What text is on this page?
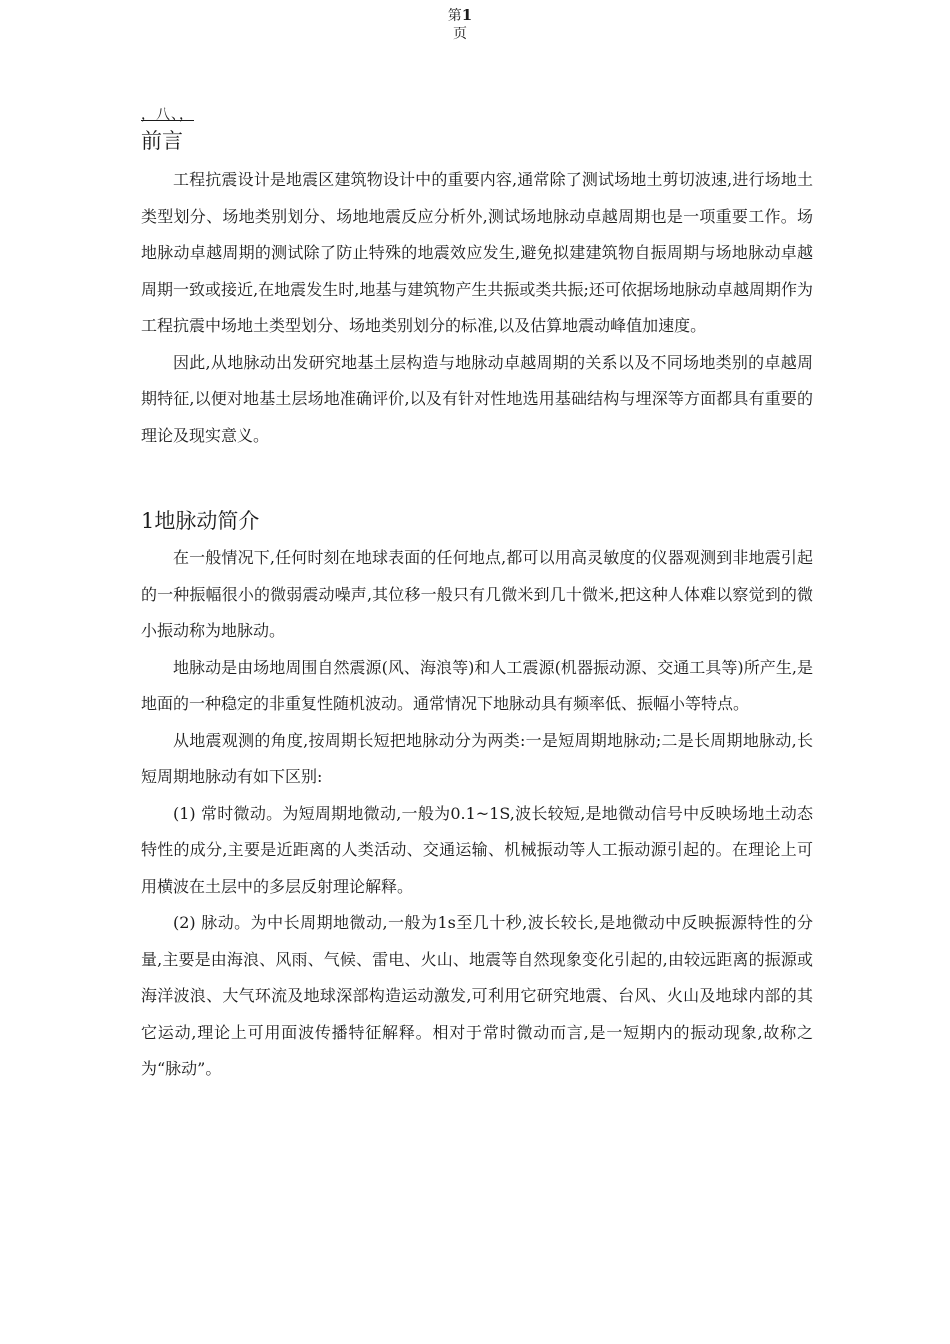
第1
页
，八、，
前言

工程抗震设计是地震区建筑物设计中的重要内容,通常除了测试场地土剪切波速,进行场地土类型划分、场地类别划分、场地地震反应分析外,测试场地脉动卓越周期也是一项重要工作。场地脉动卓越周期的测试除了防止特殊的地震效应发生,避免拟建建筑物自振周期与场地脉动卓越周期一致或接近,在地震发生时,地基与建筑物产生共振或类共振;还可依据场地脉动卓越周期作为工程抗震中场地土类型划分、场地类别划分的标准,以及估算地震动峰值加速度。

因此,从地脉动出发研究地基土层构造与地脉动卓越周期的关系以及不同场地类别的卓越周期特征,以便对地基土层场地准确评价,以及有针对性地选用基础结构与埋深等方面都具有重要的理论及现实意义。

1地脉动简介

在一般情况下,任何时刻在地球表面的任何地点,都可以用高灵敏度的仪器观测到非地震引起的一种振幅很小的微弱震动噪声,其位移一般只有几微米到几十微米,把这种人体难以察觉到的微小振动称为地脉动。

地脉动是由场地周围自然震源(风、海浪等)和人工震源(机器振动源、交通工具等)所产生,是地面的一种稳定的非重复性随机波动。通常情况下地脉动具有频率低、振幅小等特点。

从地震观测的角度,按周期长短把地脉动分为两类:一是短周期地脉动;二是长周期地脉动,长短周期地脉动有如下区别:

(1) 常时微动。为短周期地微动,一般为0.1~1S,波长较短,是地微动信号中反映场地土动态特性的成分,主要是近距离的人类活动、交通运输、机械振动等人工振动源引起的。在理论上可用横波在土层中的多层反射理论解释。

(2) 脉动。为中长周期地微动,一般为1s至几十秒,波长较长,是地微动中反映振源特性的分量,主要是由海浪、风雨、气候、雷电、火山、地震等自然现象变化引起的,由较远距离的振源或海洋波浪、大气环流及地球深部构造运动激发,可利用它研究地震、台风、火山及地球内部的其它运动,理论上可用面波传播特征解释。相对于常时微动而言,是一短期内的振动现象,故称之为“脉动”。
